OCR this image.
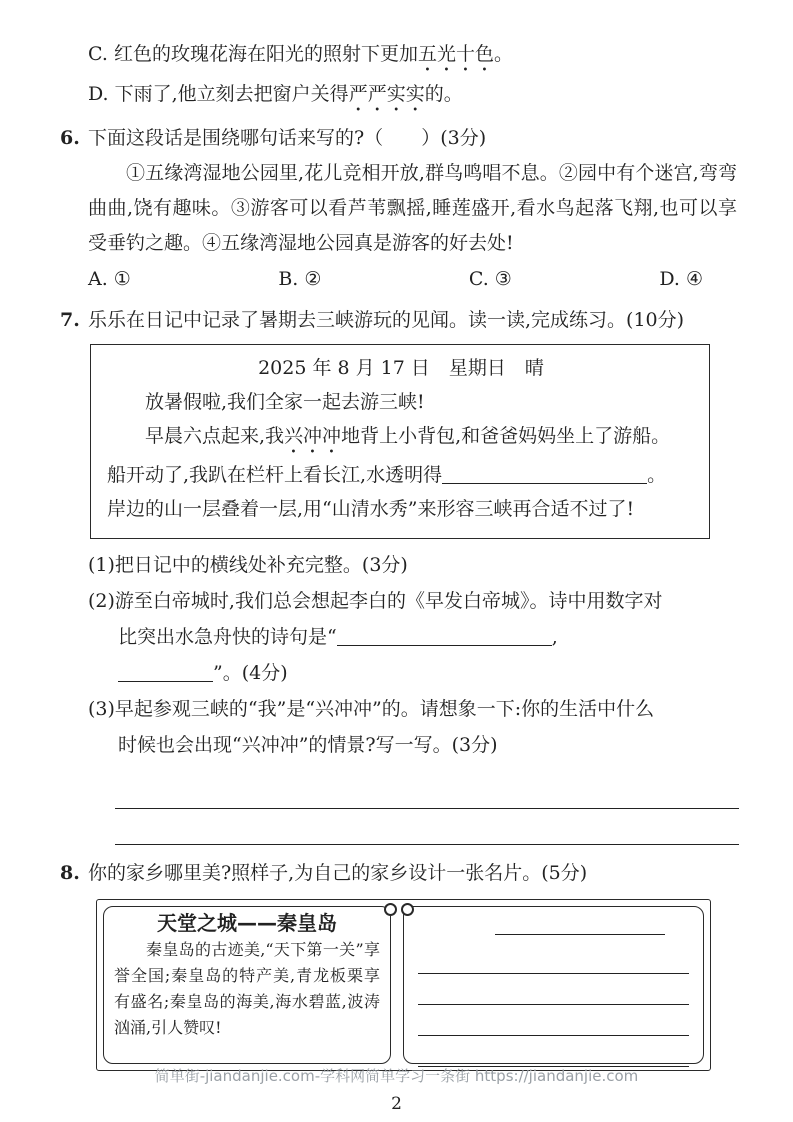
C. 红色的玫瑰花海在阳光的照射下更加五光十色。
D. 下雨了,他立刻去把窗户关得严严实实的。
6. 下面这段话是围绕哪句话来写的?（　　）(3分)
①五缘湾湿地公园里,花儿竞相开放,群鸟鸣唱不息。②园中有个迷宫,弯弯曲曲,饶有趣味。③游客可以看芦苇飘摇,睡莲盛开,看水鸟起落飞翔,也可以享受垂钓之趣。④五缘湾湿地公园真是游客的好去处!
A. ①	B. ②	C. ③	D. ④
7. 乐乐在日记中记录了暑期去三峡游玩的见闻。读一读,完成练习。(10分)
2025 年 8 月 17 日　星期日　晴
放暑假啦,我们全家一起去游三峡!
早晨六点起来,我兴冲冲地背上小背包,和爸爸妈妈坐上了游船。
船开动了,我趴在栏杆上看长江,水透明得	。
岸边的山一层叠着一层,用“山清水秀”来形容三峡再合适不过了!
(1)把日记中的横线处补充完整。(3分)
(2)游至白帝城时,我们总会想起李白的《早发白帝城》。诗中用数字对
比突出水急舟快的诗句是“	,
”。(4分)
(3)早起参观三峡的“我”是“兴冲冲”的。请想象一下:你的生活中什么
时候也会出现“兴冲冲”的情景?写一写。(3分)
8. 你的家乡哪里美?照样子,为自己的家乡设计一张名片。(5分)
天堂之城——秦皇岛
秦皇岛的古迹美,“天下第一关”享誉全国;秦皇岛的特产美,青龙板栗享有盛名;秦皇岛的海美,海水碧蓝,波涛汹涌,引人赞叹!
简单街-jiandanjie.com-学科网简单学习一条街 https://jiandanjie.com
2
